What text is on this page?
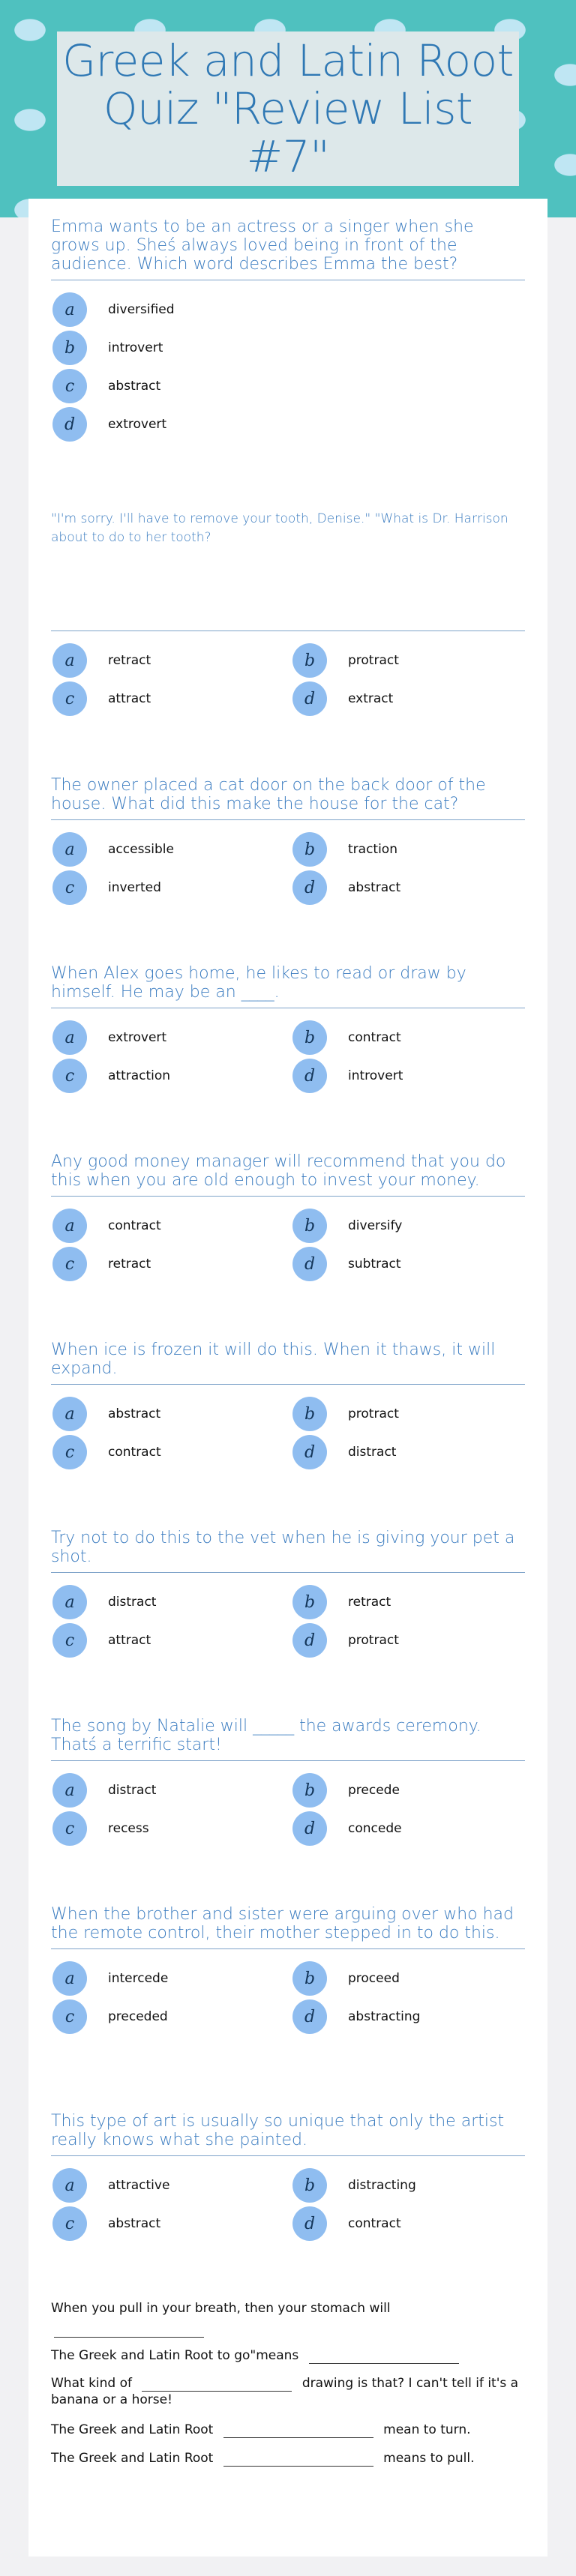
Greek and Latin Root Quiz "Review List #7"
Emma wants to be an actress or a singer when she grows up. Sheś always loved being in front of the audience. Which word describes Emma the best?
a	diversified
b	introvert
c	abstract
d	extrovert
"I'm sorry. I'll have to remove your tooth, Denise." "What is Dr. Harrison about to do to her tooth?
a	retract	b	protract
c	attract	d	extract
The owner placed a cat door on the back door of the house. What did this make the house for the cat?
a	accessible	b	traction
c	inverted	d	abstract
When Alex goes home, he likes to read or draw by himself. He may be an ____.
a	extrovert	b	contract
c	attraction	d	introvert
Any good money manager will recommend that you do this when you are old enough to invest your money.
a	contract	b	diversify
c	retract	d	subtract
When ice is frozen it will do this. When it thaws, it will expand.
a	abstract	b	protract
c	contract	d	distract
Try not to do this to the vet when he is giving your pet a shot.
a	distract	b	retract
c	attract	d	protract
The song by Natalie will _____ the awards ceremony. Thatś a terrific start!
a	distract	b	precede
c	recess	d	concede
When the brother and sister were arguing over who had the remote control, their mother stepped in to do this.
a	intercede	b	proceed
c	preceded	d	abstracting
This type of art is usually so unique that only the artist really knows what she painted.
a	attractive	b	distracting
c	abstract	d	contract
When you pull in your breath, then your stomach will
The Greek and Latin Root to go"means
What kind of	drawing is that? I can't tell if it's a banana or a horse!
The Greek and Latin Root	mean to turn.
The Greek and Latin Root	means to pull.
